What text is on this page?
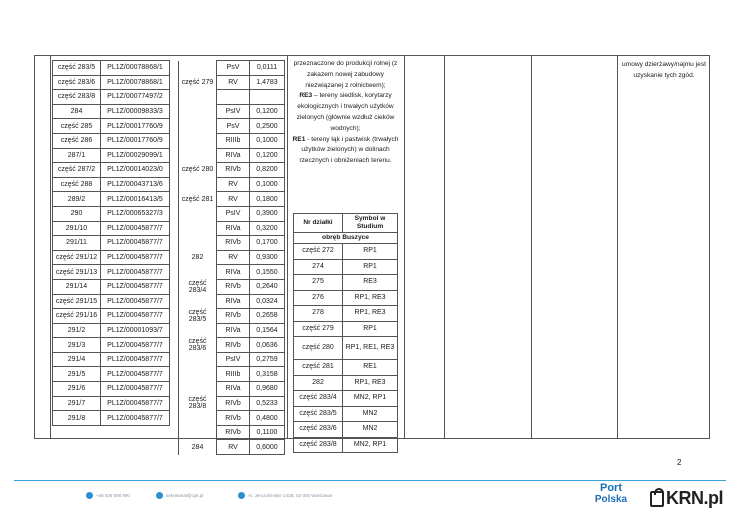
część 283/5	PL1Z/00078868/1
część 283/6	PL1Z/00078868/1
część 283/8	PL1Z/00077497/2
284	PL1Z/00009833/3
część 285	PL1Z/00017760/9
część 286	PL1Z/00017760/9
287/1	PL1Z/00029099/1
część 287/2	PL1Z/00014023/0
część 288	PL1Z/00043713/6
289/2	PL1Z/00016413/5
290	PL1Z/00065327/3
291/10	PL1Z/00045877/7
291/11	PL1Z/00045877/7
część 291/12	PL1Z/00045877/7
część 291/13	PL1Z/00045877/7
291/14	PL1Z/00045877/7
część 291/15	PL1Z/00045877/7
część 291/16	PL1Z/00045877/7
291/2	PL1Z/00001093/7
291/3	PL1Z/00045877/7
291/4	PL1Z/00045877/7
291/5	PL1Z/00045877/7
291/6	PL1Z/00045877/7
291/7	PL1Z/00045877/7
291/8	PL1Z/00045877/7
	PsV	0,0111
część 279	RV	1,4783

	PsIV	0,1200
	PsV	0,2500
	RIIIb	0,1000
	RIVa	0,1200
część 280	RIVb	0,8200
	RV	0,1000
część 281	RV	0,1800
	PsIV	0,3900
	RIVa	0,3200
	RIVb	0,1700
282	RV	0,9300
	RIVa	0,1550
część 283/4	RIVb	0,2640
	RIVa	0,0324
część 283/5	RIVb	0,2658
	RIVa	0,1564
część 283/6	RIVb	0,0636
	PsIV	0,2759
	RIIIb	0,3158
	RIVa	0,9680
część 283/8	RIVb	0,5233
	RIVb	0,4800
	RIVb	0,1100
284	RV	0,6000
przeznaczone do produkcji rolnej (z zakazem nowej zabudowy niezwiązanej z rolnictwem);
RE3 – tereny siedlisk, korytarzy ekologicznych i trwałych użytków zielonych (głównie wzdłuż cieków wodnych);
RE1 - tereny łąk i pastwisk (trwałych użytków zielonych) w dolinach rzecznych i obniżeniach terenu.
Nr działki	Symbol w Studium
obręb Buszyce	
część 272	RP1
274	RP1
275	RE3
276	RP1, RE3
278	RP1, RE3
część 279	RP1
część 280	RP1, RE1, RE3
część 281	RE1
282	RP1, RE3
część 283/4	MN2, RP1
część 283/5	MN2
część 283/6	MN2
część 283/8	MN2, RP1
umowy dzierżawy/najmu jest uzyskanie tych zgód.
2
+48 539 588 890	sekretariat@cpk.pl	Al. Jerozolimskie 142B, 02-305 Warszawa
Port
Polska	KRN.pl
